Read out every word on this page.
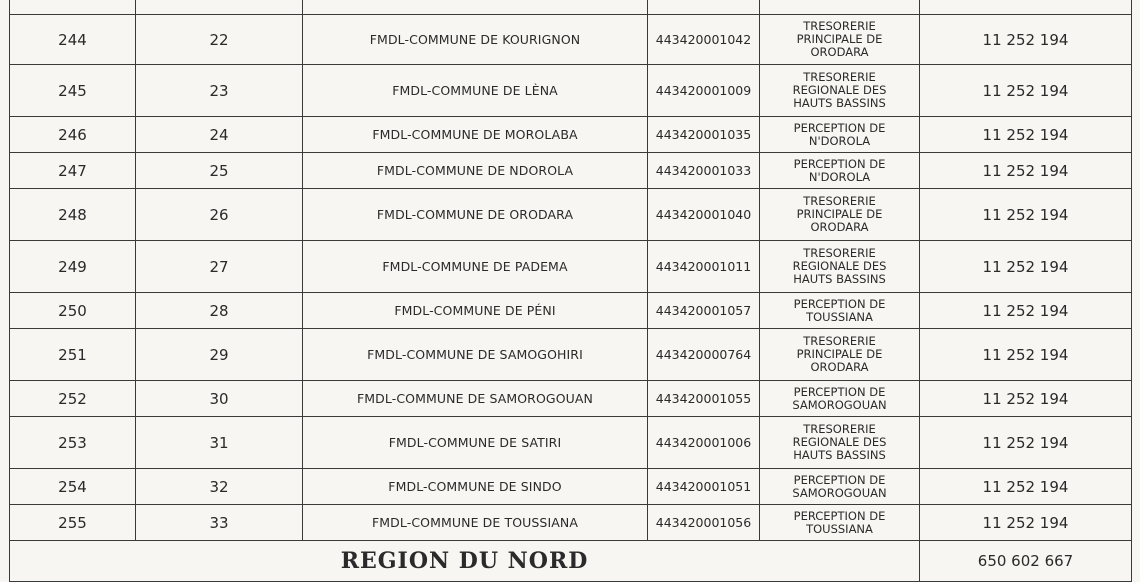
244	22	FMDL-COMMUNE DE KOURIGNON	443420001042	TRESORERIE
PRINCIPALE DE
ORODARA	11 252 194
245	23	FMDL-COMMUNE DE LÈNA	443420001009	TRESORERIE
REGIONALE DES
HAUTS BASSINS	11 252 194
246	24	FMDL-COMMUNE DE MOROLABA	443420001035	PERCEPTION DE
N'DOROLA	11 252 194
247	25	FMDL-COMMUNE DE NDOROLA	443420001033	PERCEPTION DE
N'DOROLA	11 252 194
248	26	FMDL-COMMUNE DE ORODARA	443420001040	TRESORERIE
PRINCIPALE DE
ORODARA	11 252 194
249	27	FMDL-COMMUNE DE PADEMA	443420001011	TRESORERIE
REGIONALE DES
HAUTS BASSINS	11 252 194
250	28	FMDL-COMMUNE DE PÉNI	443420001057	PERCEPTION DE
TOUSSIANA	11 252 194
251	29	FMDL-COMMUNE DE SAMOGOHIRI	443420000764	TRESORERIE
PRINCIPALE DE
ORODARA	11 252 194
252	30	FMDL-COMMUNE DE SAMOROGOUAN	443420001055	PERCEPTION DE
SAMOROGOUAN	11 252 194
253	31	FMDL-COMMUNE DE SATIRI	443420001006	TRESORERIE
REGIONALE DES
HAUTS BASSINS	11 252 194
254	32	FMDL-COMMUNE DE SINDO	443420001051	PERCEPTION DE
SAMOROGOUAN	11 252 194
255	33	FMDL-COMMUNE DE TOUSSIANA	443420001056	PERCEPTION DE
TOUSSIANA	11 252 194
REGION DU NORD					650 602 667
